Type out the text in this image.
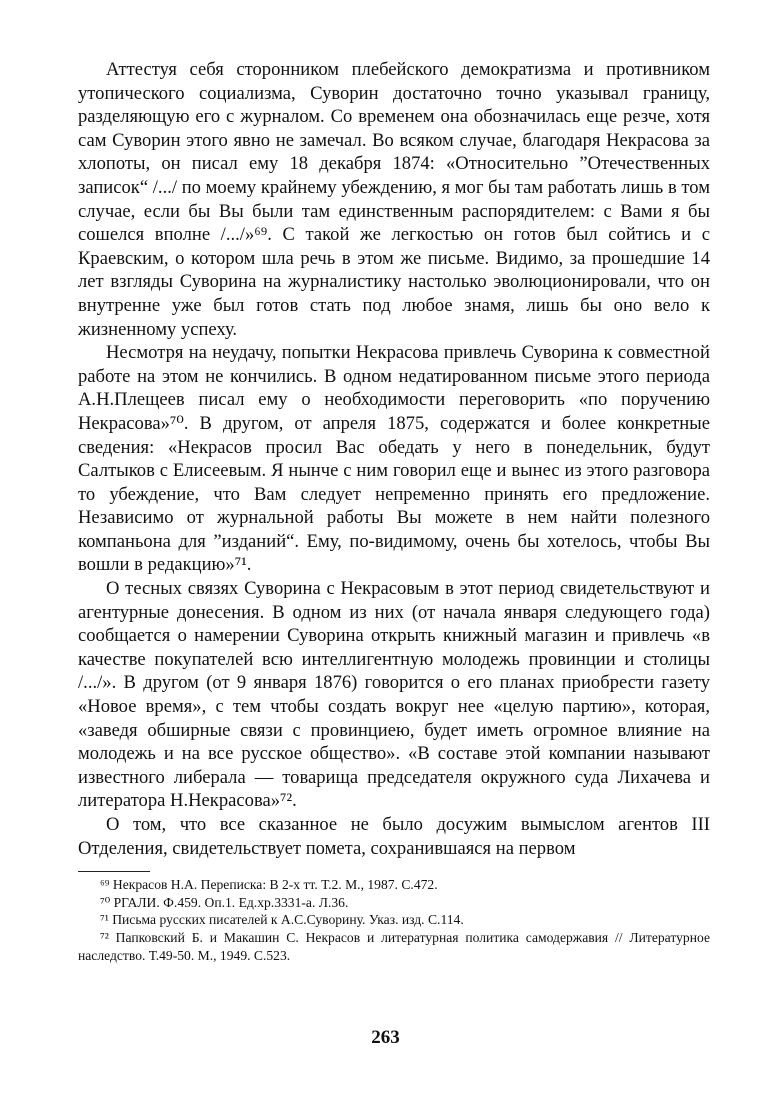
Аттестуя себя сторонником плебейского демократизма и противником утопического социализма, Суворин достаточно точно указывал границу, разделяющую его с журналом. Со временем она обозначилась еще резче, хотя сам Суворин этого явно не замечал. Во всяком случае, благодаря Некрасова за хлопоты, он писал ему 18 декабря 1874: «Относительно ”Отечественных записок“ /.../ по моему крайнему убеждению, я мог бы там работать лишь в том случае, если бы Вы были там единственным распорядителем: с Вами я бы сошелся вполне /.../»⁶⁹. С такой же легкостью он готов был сойтись и с Краевским, о котором шла речь в этом же письме. Видимо, за прошедшие 14 лет взгляды Суворина на журналистику настолько эволюционировали, что он внутренне уже был готов стать под любое знамя, лишь бы оно вело к жизненному успеху.

Несмотря на неудачу, попытки Некрасова привлечь Суворина к совместной работе на этом не кончились. В одном недатированном письме этого периода А.Н.Плещеев писал ему о необходимости переговорить «по поручению Некрасова»⁷⁰. В другом, от апреля 1875, содержатся и более конкретные сведения: «Некрасов просил Вас обедать у него в понедельник, будут Салтыков с Елисеевым. Я нынче с ним говорил еще и вынес из этого разговора то убеждение, что Вам следует непременно принять его предложение. Независимо от журнальной работы Вы можете в нем найти полезного компаньона для ”изданий“. Ему, по-видимому, очень бы хотелось, чтобы Вы вошли в редакцию»⁷¹.

О тесных связях Суворина с Некрасовым в этот период свидетельствуют и агентурные донесения. В одном из них (от начала января следующего года) сообщается о намерении Суворина открыть книжный магазин и привлечь «в качестве покупателей всю интеллигентную молодежь провинции и столицы /.../». В другом (от 9 января 1876) говорится о его планах приобрести газету «Новое время», с тем чтобы создать вокруг нее «целую партию», которая, «заведя обширные связи с провинциею, будет иметь огромное влияние на молодежь и на все русское общество». «В составе этой компании называют известного либерала — товарища председателя окружного суда Лихачева и литератора Н.Некрасова»⁷².

О том, что все сказанное не было досужим вымыслом агентов III Отделения, свидетельствует помета, сохранившаяся на первом

⁶⁹ Некрасов Н.А. Переписка: В 2-х тт. Т.2. М., 1987. С.472.

⁷⁰ РГАЛИ. Ф.459. Оп.1. Ед.хр.3331-а. Л.36.

⁷¹ Письма русских писателей к А.С.Суворину. Указ. изд. С.114.

⁷² Папковский Б. и Макашин С. Некрасов и литературная политика самодержавия // Литературное наследство. Т.49-50. М., 1949. С.523.

263
